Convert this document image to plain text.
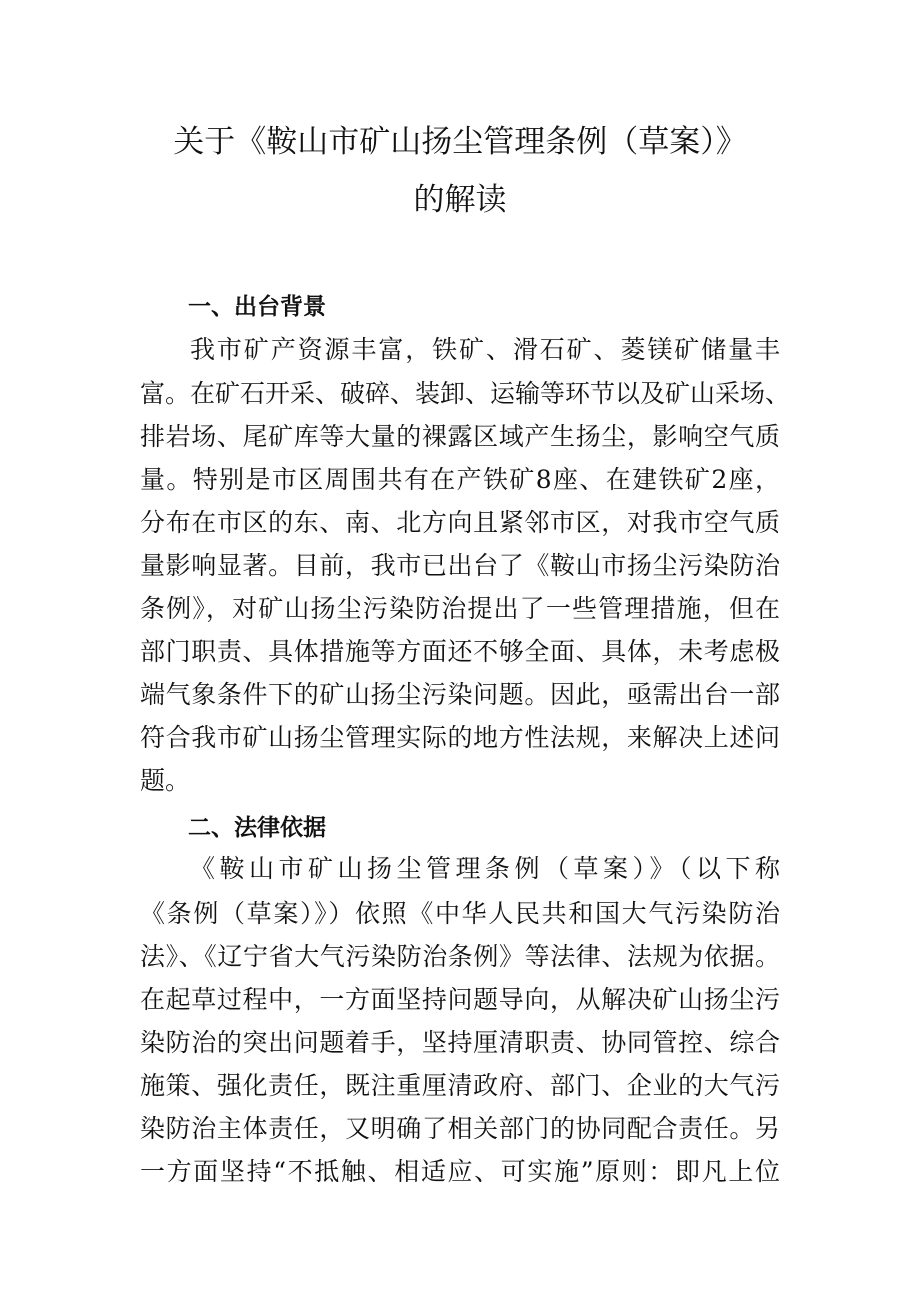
关于《鞍山市矿山扬尘管理条例（草案）》
的解读
一、出台背景
我市矿产资源丰富，铁矿、滑石矿、菱镁矿储量丰
富。在矿石开采、破碎、装卸、运输等环节以及矿山采场、
排岩场、尾矿库等大量的裸露区域产生扬尘，影响空气质
量。特别是市区周围共有在产铁矿8座、在建铁矿2座，
分布在市区的东、南、北方向且紧邻市区，对我市空气质
量影响显著。目前，我市已出台了《鞍山市扬尘污染防治
条例》，对矿山扬尘污染防治提出了一些管理措施，但在
部门职责、具体措施等方面还不够全面、具体，未考虑极
端气象条件下的矿山扬尘污染问题。因此，亟需出台一部
符合我市矿山扬尘管理实际的地方性法规，来解决上述问
题。
二、法律依据
《鞍山市矿山扬尘管理条例（草案）》（以下称
《条例（草案）》）依照《中华人民共和国大气污染防治
法》、《辽宁省大气污染防治条例》等法律、法规为依据。
在起草过程中，一方面坚持问题导向，从解决矿山扬尘污
染防治的突出问题着手，坚持厘清职责、协同管控、综合
施策、强化责任，既注重厘清政府、部门、企业的大气污
染防治主体责任，又明确了相关部门的协同配合责任。另
一方面坚持“不抵触、相适应、可实施”原则：即凡上位
